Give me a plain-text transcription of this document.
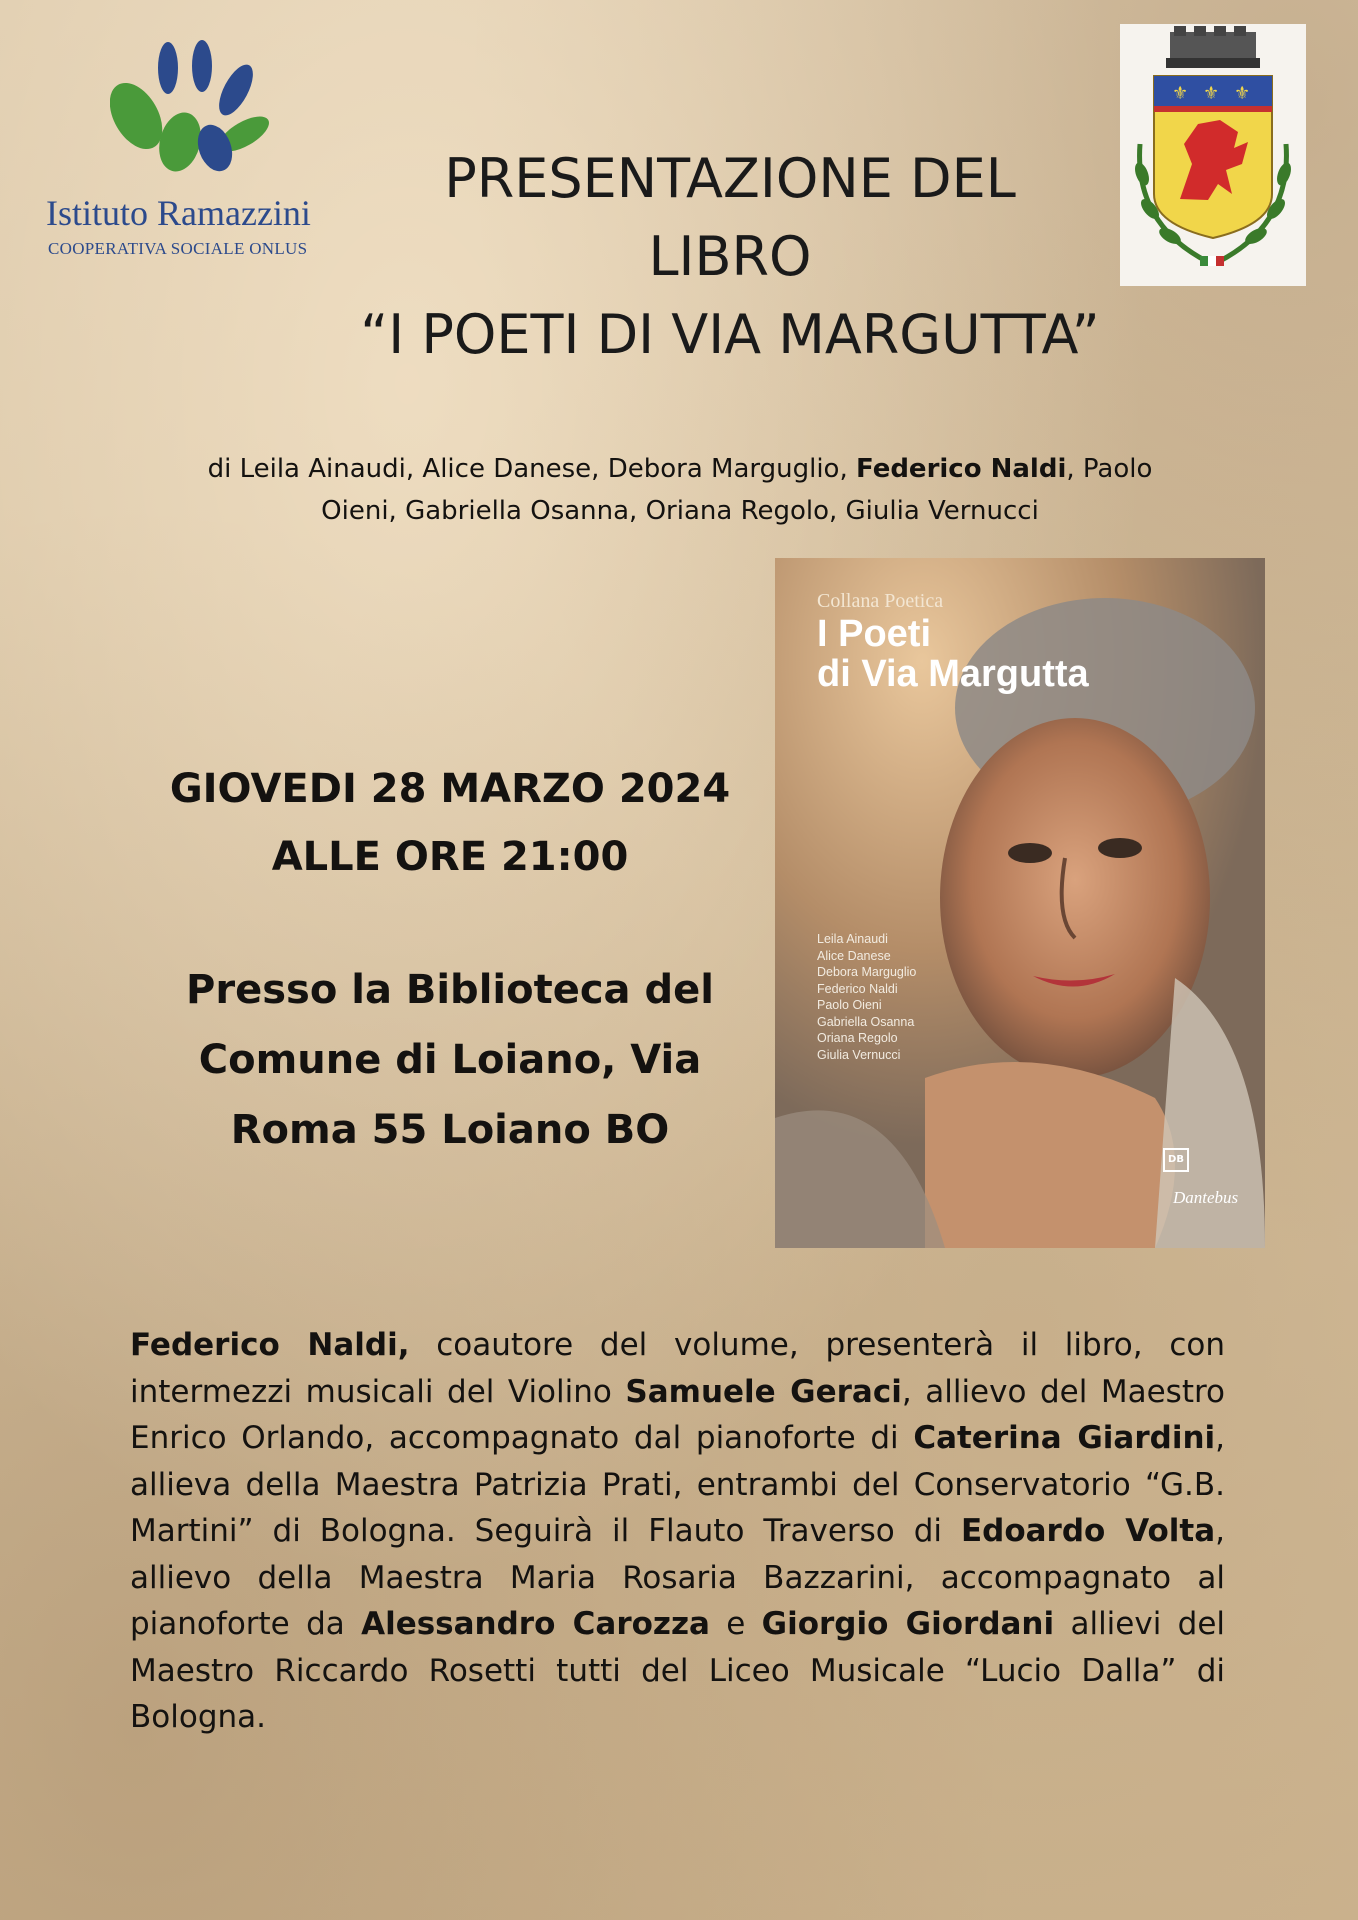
Istituto Ramazzini
COOPERATIVA SOCIALE ONLUS
⚜ ⚜ ⚜
PRESENTAZIONE DEL
LIBRO
“I POETI DI VIA MARGUTTA”
di Leila Ainaudi, Alice Danese, Debora Marguglio, Federico Naldi, Paolo
Oieni, Gabriella Osanna, Oriana Regolo, Giulia Vernucci
GIOVEDI 28 MARZO 2024
ALLE ORE 21:00
Presso la Biblioteca del
Comune di Loiano, Via
Roma 55 Loiano BO
Collana Poetica
I Poeti
di Via Margutta
Leila Ainaudi
Alice Danese
Debora Marguglio
Federico Naldi
Paolo Oieni
Gabriella Osanna
Oriana Regolo
Giulia Vernucci
DB
Dantebus
Federico Naldi, coautore del volume, presenterà il libro, con intermezzi musicali del Violino Samuele Geraci, allievo del Maestro Enrico Orlando, accompagnato dal pianoforte di Caterina Giardini, allieva della Maestra Patrizia Prati, entrambi del Conservatorio “G.B. Martini” di Bologna. Seguirà il Flauto Traverso di Edoardo Volta, allievo della Maestra Maria Rosaria Bazzarini, accompagnato al pianoforte da Alessandro Carozza e Giorgio Giordani allievi del Maestro Riccardo Rosetti tutti del Liceo Musicale “Lucio Dalla” di Bologna.
